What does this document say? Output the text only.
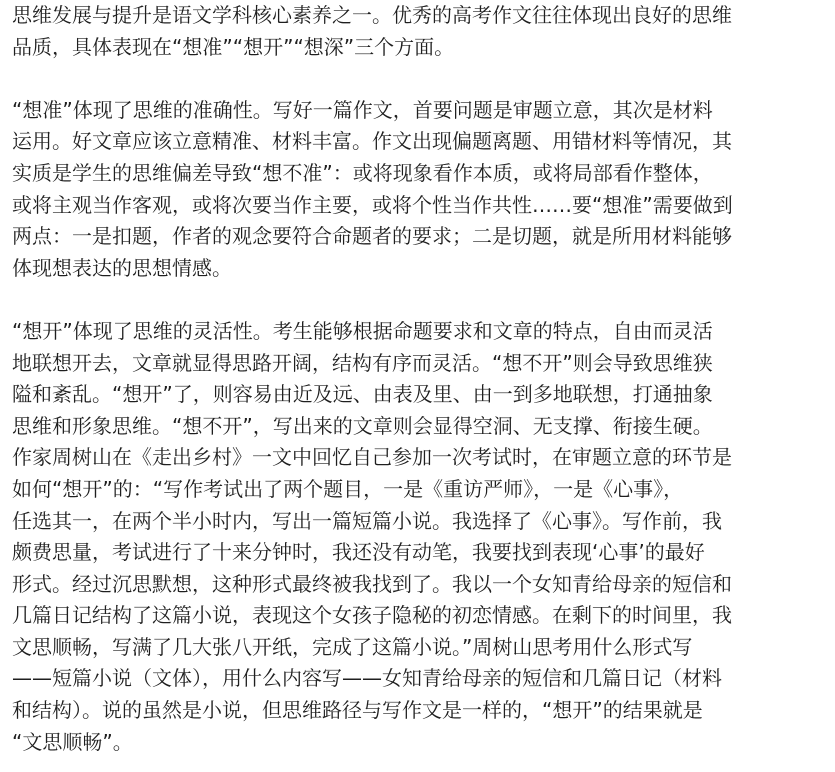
思维发展与提升是语文学科核心素养之一。优秀的高考作文往往体现出良好的思维
品质，具体表现在“想准”“想开”“想深”三个方面。
“想准”体现了思维的准确性。写好一篇作文，首要问题是审题立意，其次是材料
运用。好文章应该立意精准、材料丰富。作文出现偏题离题、用错材料等情况，其
实质是学生的思维偏差导致“想不准”：或将现象看作本质，或将局部看作整体，
或将主观当作客观，或将次要当作主要，或将个性当作共性……要“想准”需要做到
两点：一是扣题，作者的观念要符合命题者的要求；二是切题，就是所用材料能够
体现想表达的思想情感。
“想开”体现了思维的灵活性。考生能够根据命题要求和文章的特点，自由而灵活
地联想开去，文章就显得思路开阔，结构有序而灵活。“想不开”则会导致思维狭
隘和紊乱。“想开”了，则容易由近及远、由表及里、由一到多地联想，打通抽象
思维和形象思维。“想不开”，写出来的文章则会显得空洞、无支撑、衔接生硬。
作家周树山在《走出乡村》一文中回忆自己参加一次考试时，在审题立意的环节是
如何“想开”的：“写作考试出了两个题目，一是《重访严师》，一是《心事》，
任选其一，在两个半小时内，写出一篇短篇小说。我选择了《心事》。写作前，我
颇费思量，考试进行了十来分钟时，我还没有动笔，我要找到表现‘心事’的最好
形式。经过沉思默想，这种形式最终被我找到了。我以一个女知青给母亲的短信和
几篇日记结构了这篇小说，表现这个女孩子隐秘的初恋情感。在剩下的时间里，我
文思顺畅，写满了几大张八开纸，完成了这篇小说。”周树山思考用什么形式写
——短篇小说（文体），用什么内容写——女知青给母亲的短信和几篇日记（材料
和结构）。说的虽然是小说，但思维路径与写作文是一样的，“想开”的结果就是
“文思顺畅”。
